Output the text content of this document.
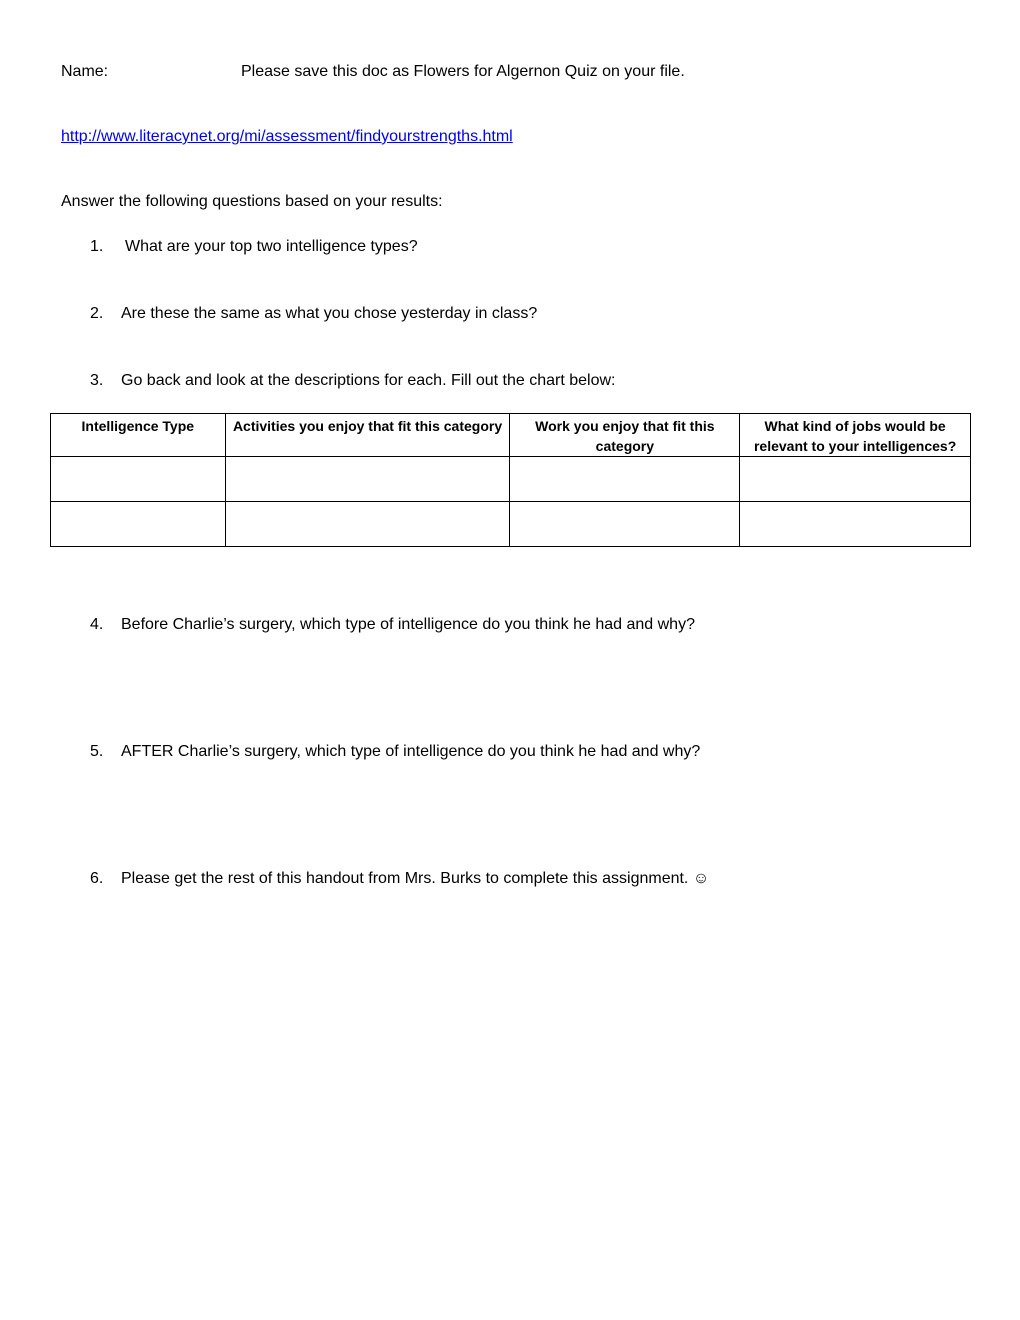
Name:	Please save this doc as Flowers for Algernon Quiz on your file.
http://www.literacynet.org/mi/assessment/findyourstrengths.html
Answer the following questions based on your results:
1. What are your top two intelligence types?
2. Are these the same as what you chose yesterday in class?
3. Go back and look at the descriptions for each. Fill out the chart below:
Intelligence Type	Activities you enjoy that fit this category	Work you enjoy that fit this category	What kind of jobs would be relevant to your intelligences?

4. Before Charlie’s surgery, which type of intelligence do you think he had and why?
5. AFTER Charlie’s surgery, which type of intelligence do you think he had and why?
6. Please get the rest of this handout from Mrs. Burks to complete this assignment. ☺
